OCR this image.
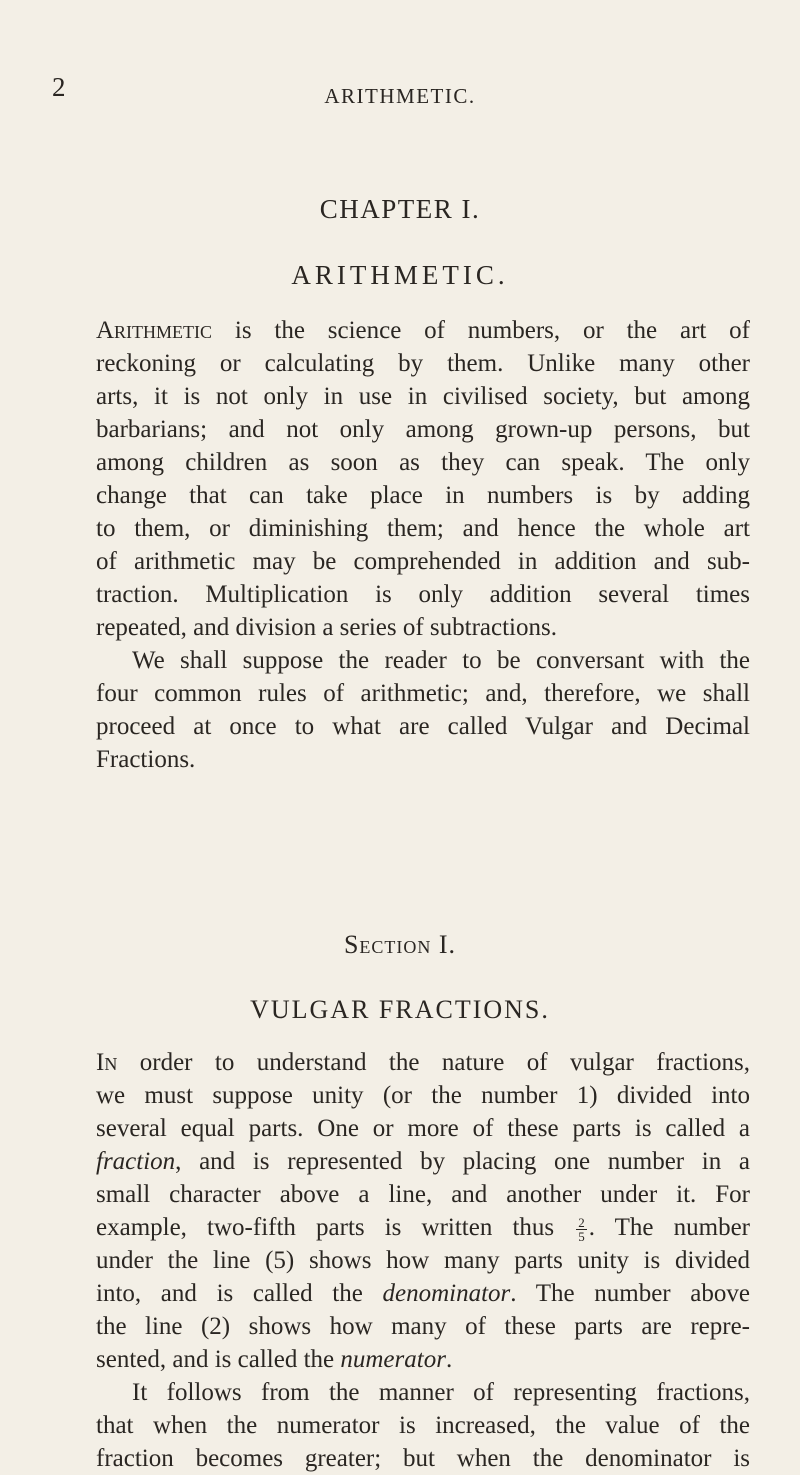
2	ARITHMETIC.
CHAPTER I.
ARITHMETIC.
Arithmetic is the science of numbers, or the art of
reckoning or calculating by them. Unlike many other
arts, it is not only in use in civilised society, but among
barbarians; and not only among grown-up persons, but
among children as soon as they can speak. The only
change that can take place in numbers is by adding
to them, or diminishing them; and hence the whole art
of arithmetic may be comprehended in addition and sub-
traction. Multiplication is only addition several times
repeated, and division a series of subtractions.
We shall suppose the reader to be conversant with the
four common rules of arithmetic; and, therefore, we shall
proceed at once to what are called Vulgar and Decimal
Fractions.
Section I.
VULGAR FRACTIONS.
In order to understand the nature of vulgar fractions,
we must suppose unity (or the number 1) divided into
several equal parts. One or more of these parts is called a
fraction, and is represented by placing one number in a
small character above a line, and another under it. For
example, two-fifth parts is written thus $\frac{2}{5}$ . The number
under the line (5) shows how many parts unity is divided
into, and is called the denominator. The number above
the line (2) shows how many of these parts are repre-
sented, and is called the numerator.
It follows from the manner of representing fractions,
that when the numerator is increased, the value of the
fraction becomes greater; but when the denominator is
